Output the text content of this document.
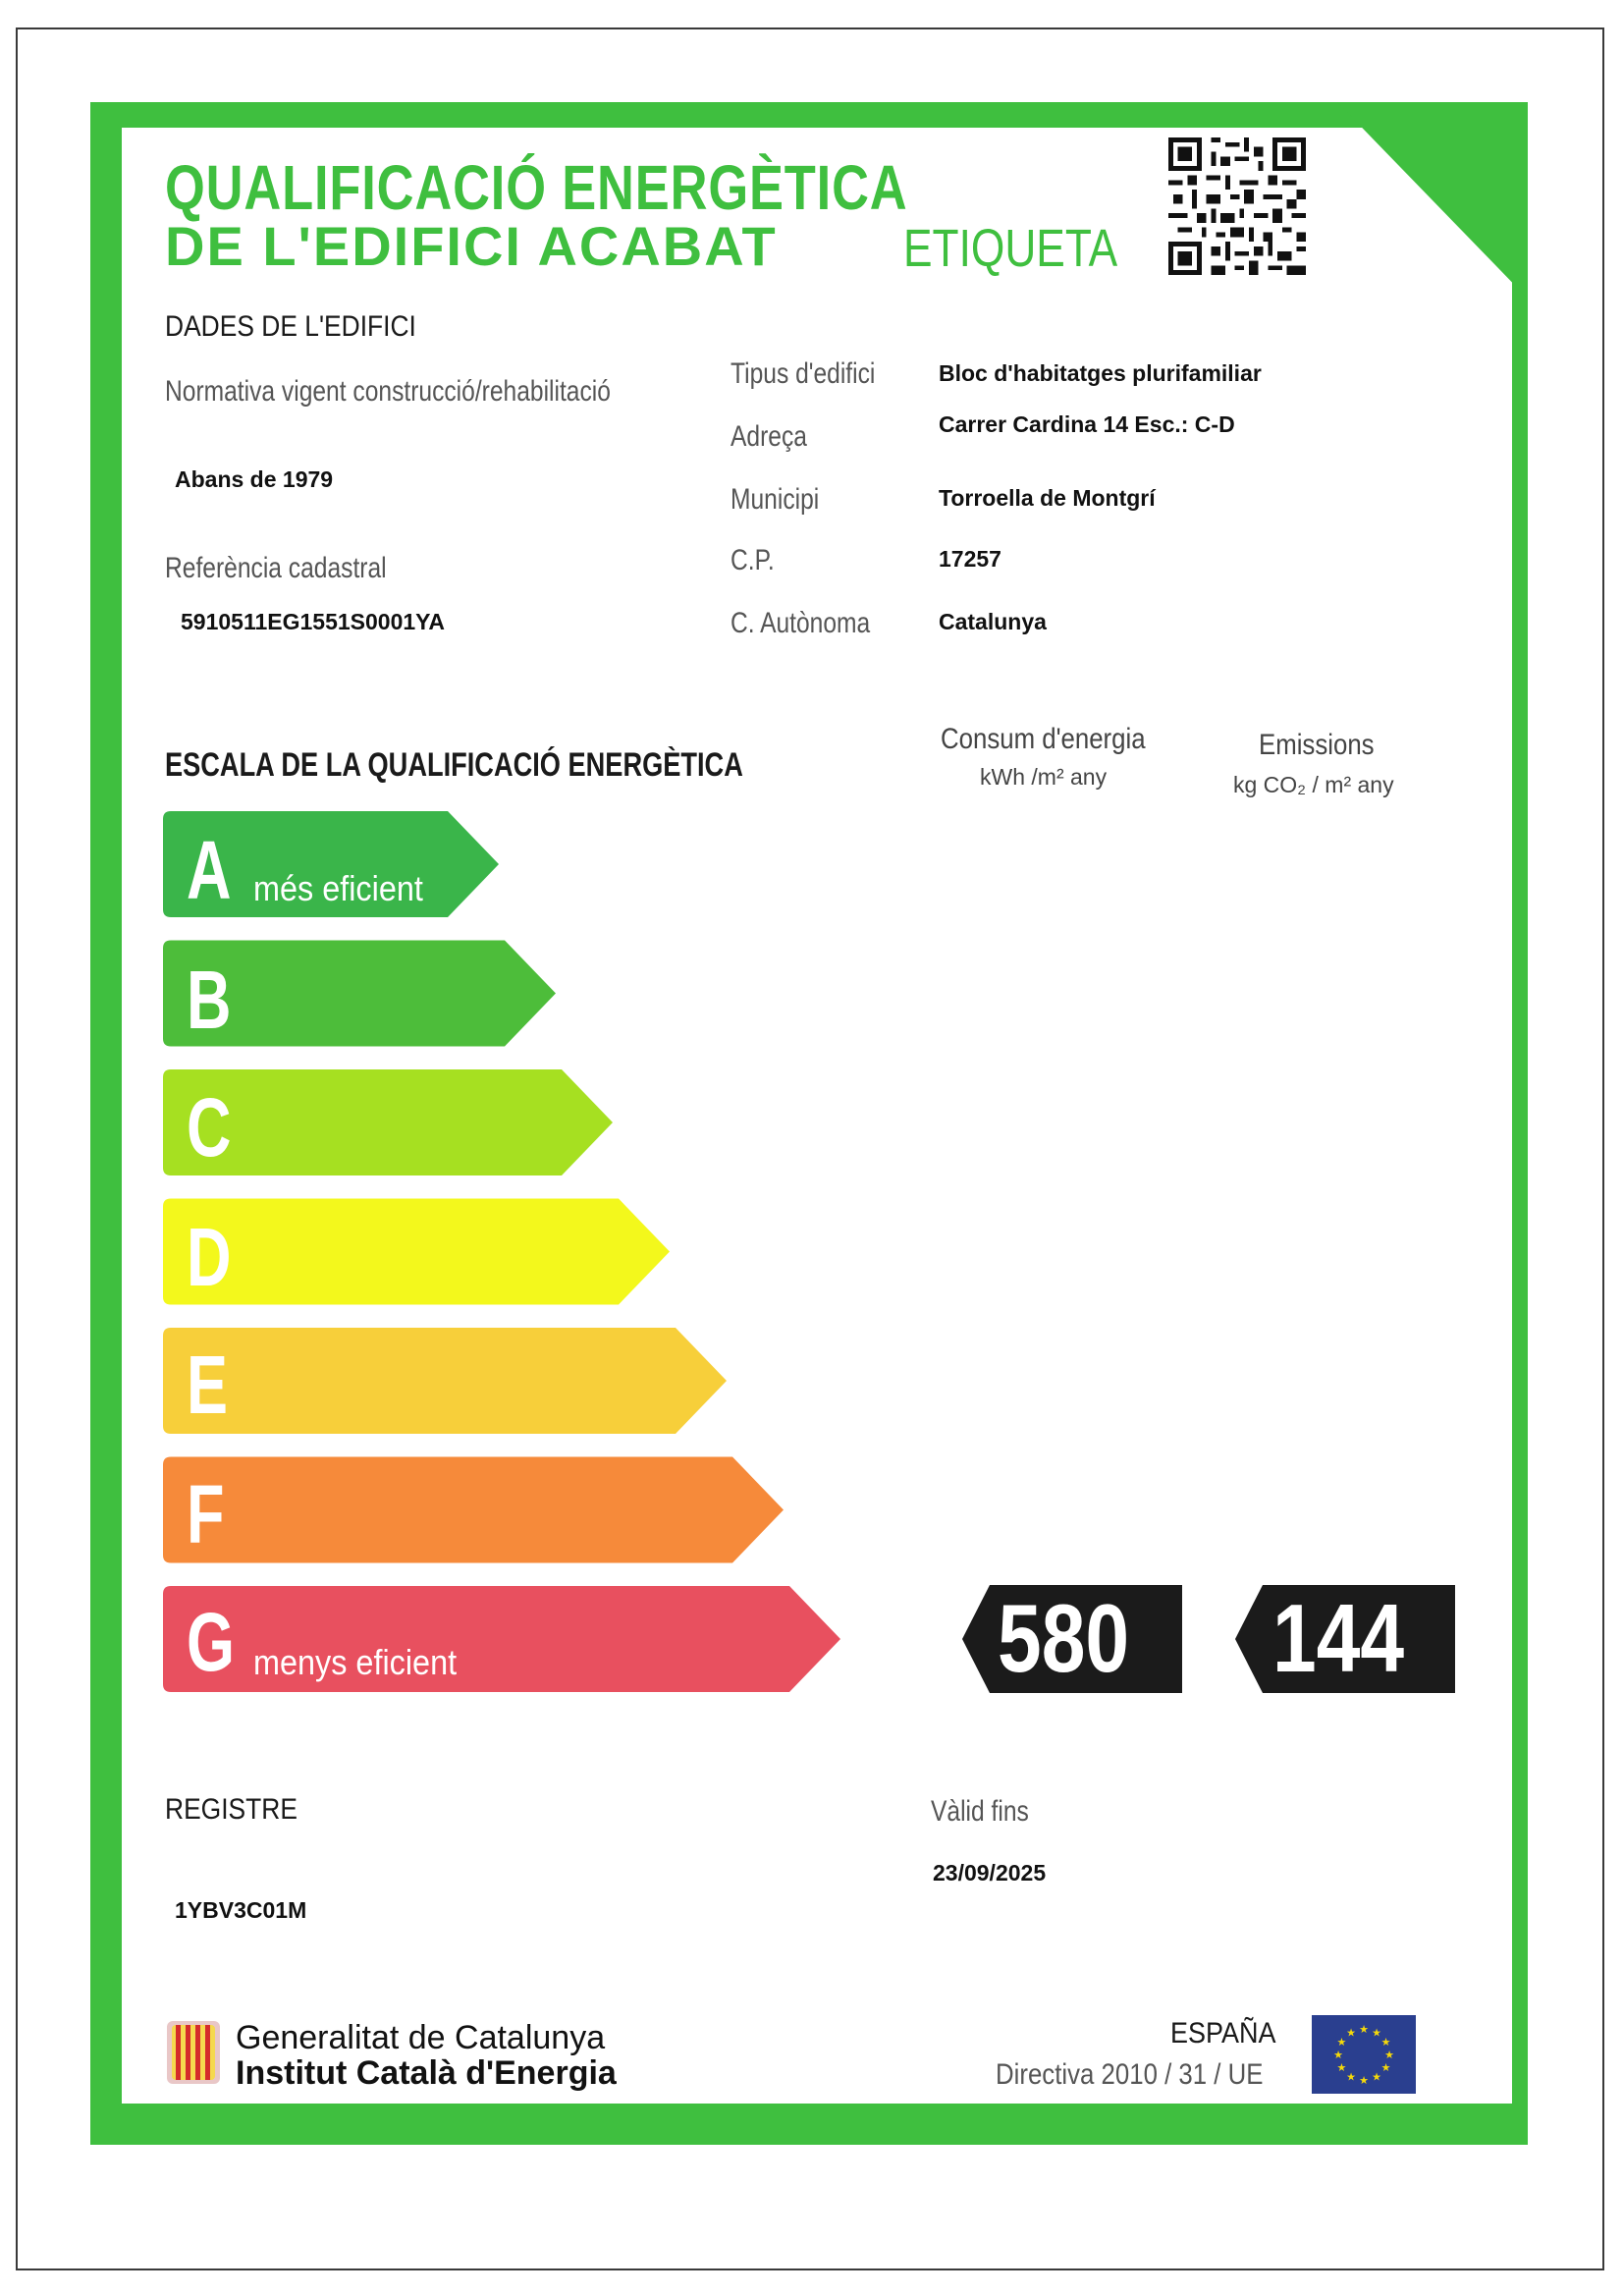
QUALIFICACIÓ ENERGÈTICA
DE L'EDIFICI ACABAT ETIQUETA
DADES DE L'EDIFICI
Normativa vigent construcció/rehabilitació
Abans de 1979
Referència cadastral
5910511EG1551S0001YA
Tipus d'edifici	Bloc d'habitatges plurifamiliar
Adreça	Carrer Cardina 14 Esc.: C-D
Municipi	Torroella de Montgrí
C.P.	17257
C. Autònoma	Catalunya
ESCALA DE LA QUALIFICACIÓ ENERGÈTICA
Consum d'energia
kWh /m² any
Emissions
kg CO₂ / m² any
A més eficient
B
C
D
E
F
G menys eficient	580 144
REGISTRE
1YBV3C01M
Vàlid fins
23/09/2025
Generalitat de Catalunya
Institut Català d'Energia
ESPAÑA
Directiva 2010 / 31 / UE
★ ★
★
★
★
★
★
★
★
★
★
★
